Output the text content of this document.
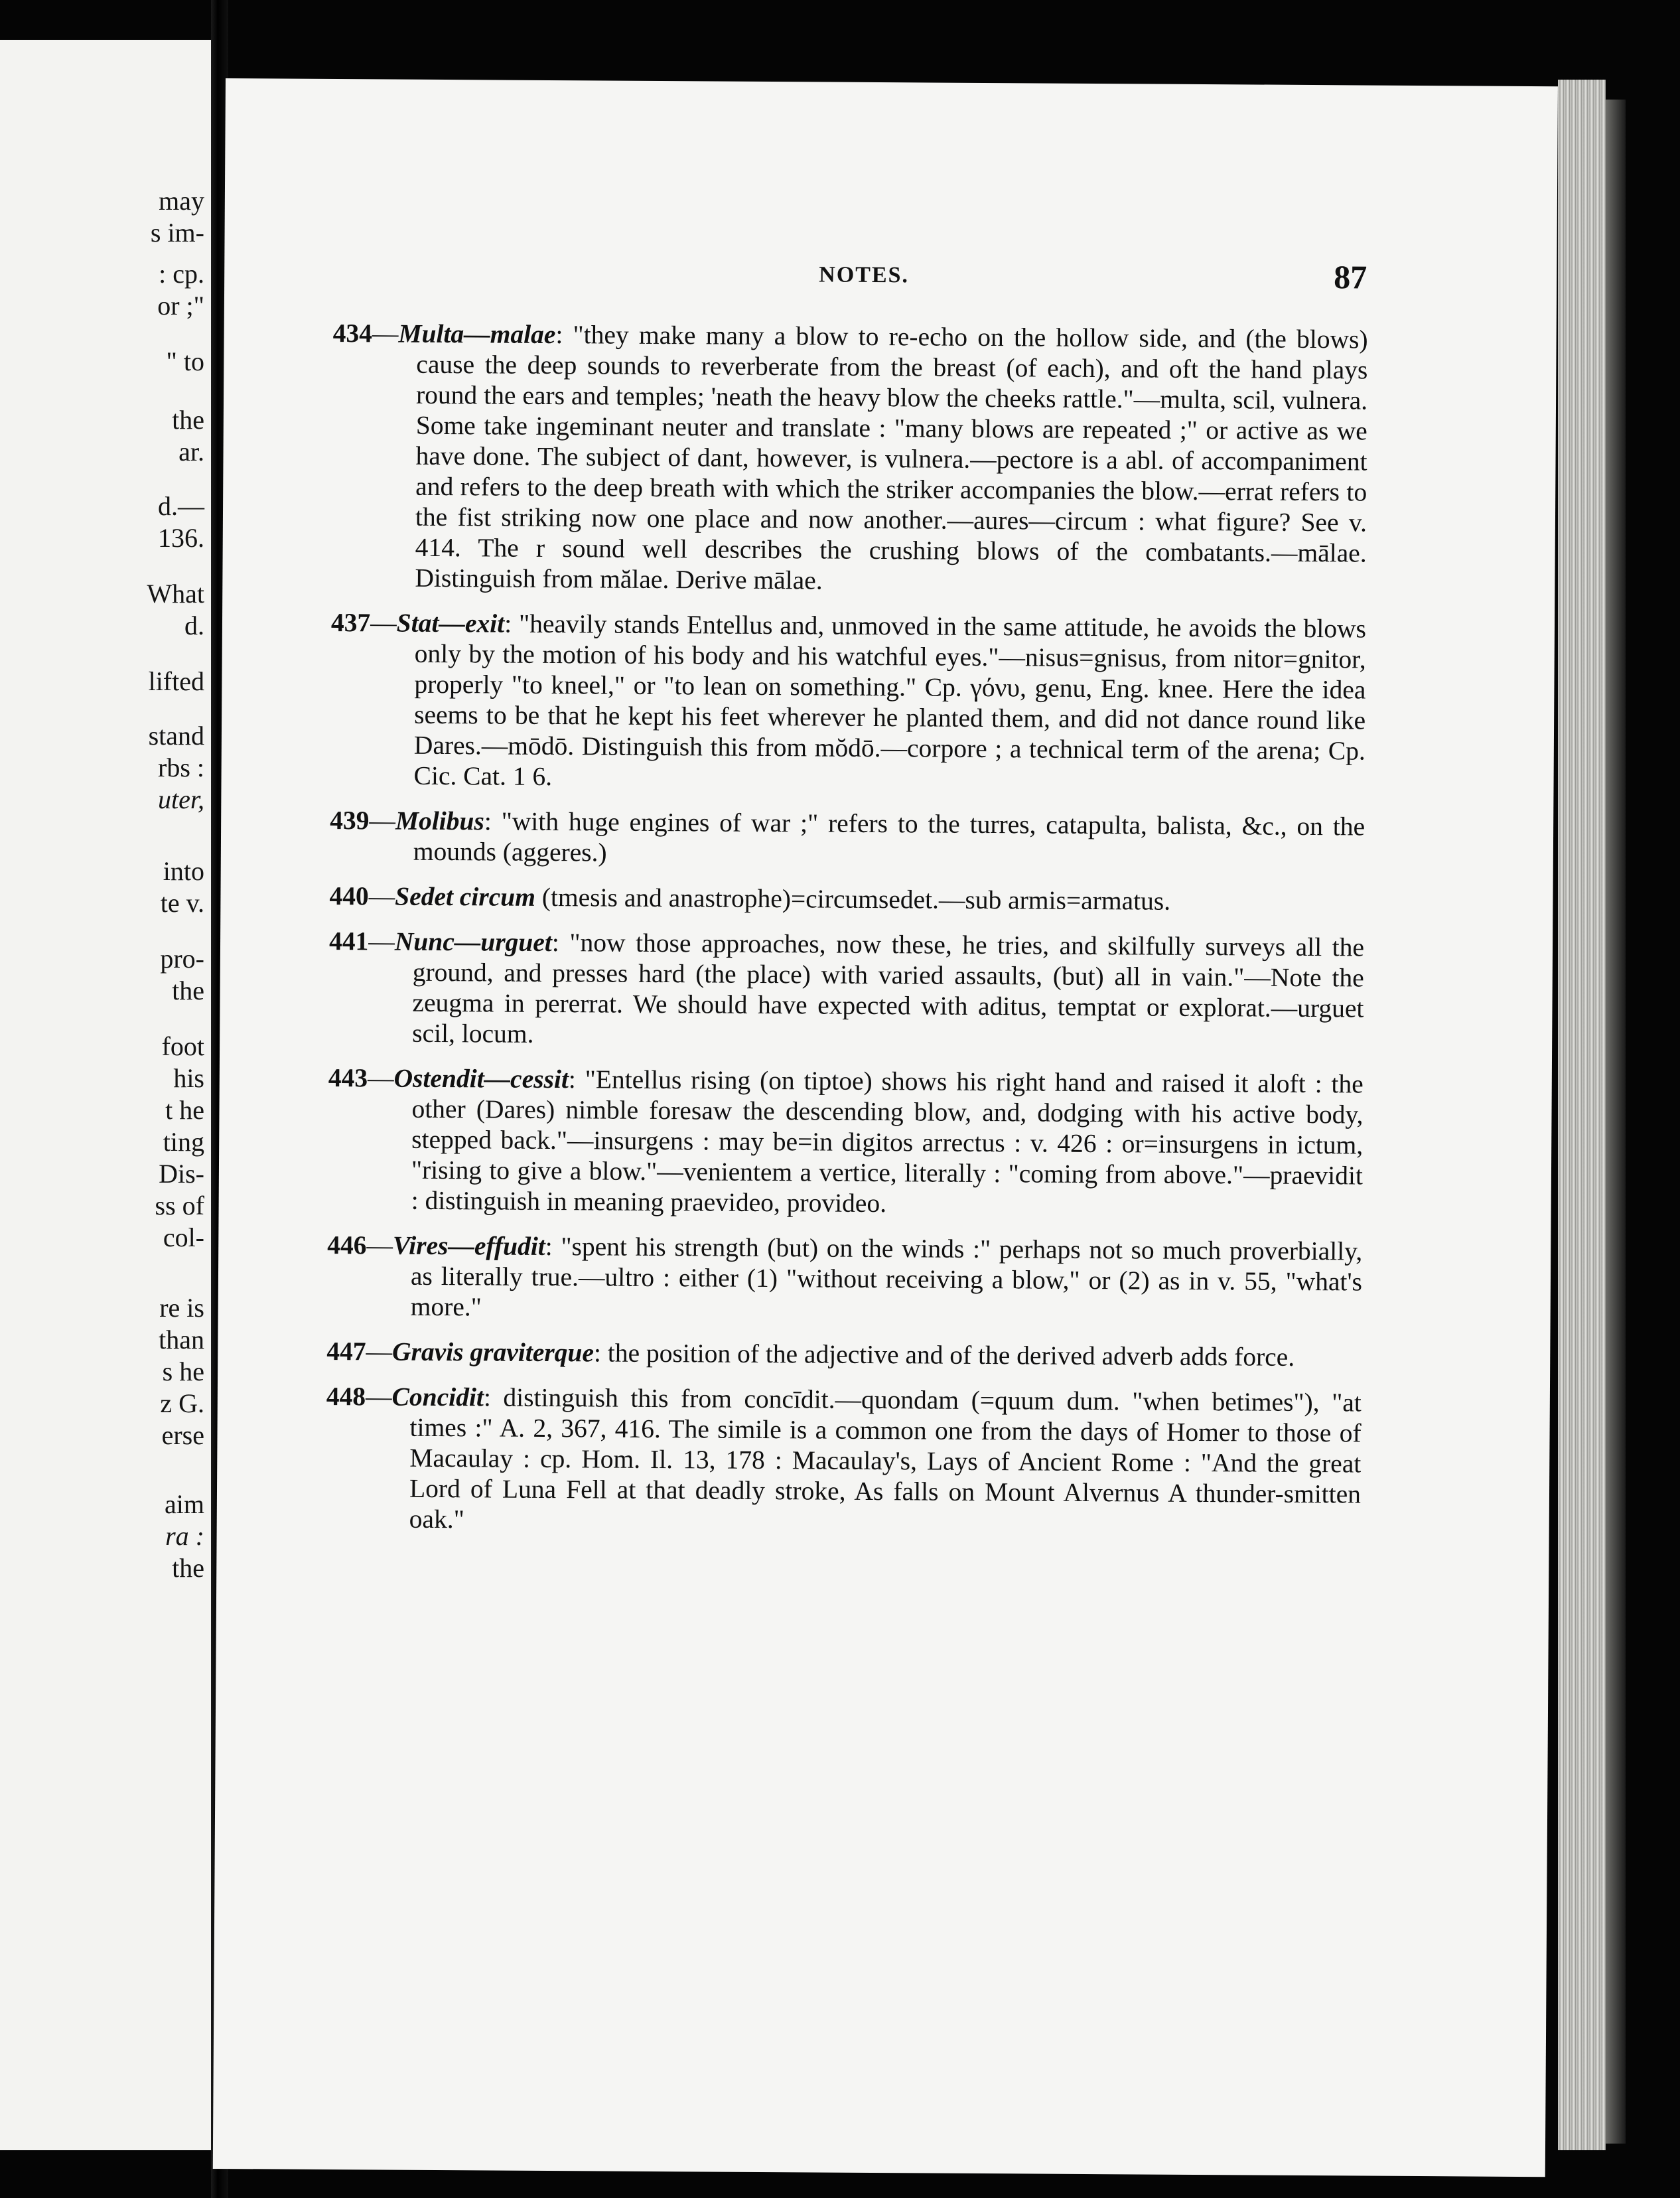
may
s im-
: cp.
or ;"
" to
the
ar.
d.—
136.
What
d.
lifted
stand
rbs :
uter,
into
te v.
pro-
the
foot
his
t he
ting
Dis-
ss of
col-
re is
than
s he
z G.
erse
aim
ra :
the
NOTES.	87
434—Multa—malae: "they make many a blow to re-echo on the hollow side, and (the blows) cause the deep sounds to reverberate from the breast (of each), and oft the hand plays round the ears and temples; 'neath the heavy blow the cheeks rattle."—multa, scil, vulnera. Some take ingeminant neuter and translate : "many blows are repeated ;" or active as we have done. The subject of dant, however, is vulnera.—pectore is a abl. of accompaniment and refers to the deep breath with which the striker accompanies the blow.—errat refers to the fist striking now one place and now another.—aures—circum : what figure? See v. 414. The r sound well describes the crushing blows of the combatants.—mālae. Distinguish from mălae. Derive mālae.
437—Stat—exit: "heavily stands Entellus and, unmoved in the same attitude, he avoids the blows only by the motion of his body and his watchful eyes."—nisus=gnisus, from nitor=gnitor, properly "to kneel," or "to lean on something." Cp. γόνυ, genu, Eng. knee. Here the idea seems to be that he kept his feet wherever he planted them, and did not dance round like Dares.—mōdō. Distinguish this from mŏdō.—corpore ; a technical term of the arena; Cp. Cic. Cat. 1 6.
439—Molibus: "with huge engines of war ;" refers to the turres, catapulta, balista, &c., on the mounds (aggeres.)
440—Sedet circum (tmesis and anastrophe)=circumsedet.—sub armis=armatus.
441—Nunc—urguet: "now those approaches, now these, he tries, and skilfully surveys all the ground, and presses hard (the place) with varied assaults, (but) all in vain."—Note the zeugma in pererrat. We should have expected with aditus, temptat or explorat.—urguet scil, locum.
443—Ostendit—cessit: "Entellus rising (on tiptoe) shows his right hand and raised it aloft : the other (Dares) nimble foresaw the descending blow, and, dodging with his active body, stepped back."—insurgens : may be=in digitos arrectus : v. 426 : or=insurgens in ictum, "rising to give a blow."—venientem a vertice, literally : "coming from above."—praevidit : distinguish in meaning praevideo, provideo.
446—Vires—effudit: "spent his strength (but) on the winds :" perhaps not so much proverbially, as literally true.—ultro : either (1) "without receiving a blow," or (2) as in v. 55, "what's more."
447—Gravis graviterque: the position of the adjective and of the derived adverb adds force.
448—Concidit: distinguish this from concīdit.—quondam (=quum dum. "when betimes"), "at times :" A. 2, 367, 416. The simile is a common one from the days of Homer to those of Macaulay : cp. Hom. Il. 13, 178 : Macaulay's, Lays of Ancient Rome : "And the great Lord of Luna Fell at that deadly stroke, As falls on Mount Alvernus A thunder-smitten oak."
